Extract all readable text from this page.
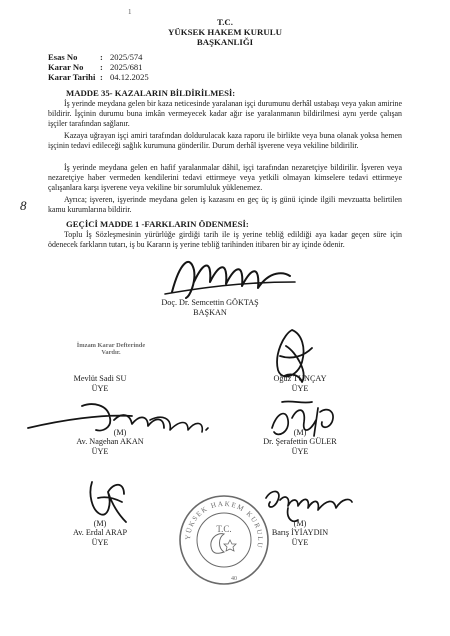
1
T.C.
YÜKSEK HAKEM KURULU
BAŞKANLIĞI
Esas No	: 2025/574
Karar No : 2025/681
Karar Tarihi : 04.12.2025
MADDE 35- KAZALARIN BİLDİRİLMESİ:
İş yerinde meydana gelen bir kaza neticesinde yaralanan işçi durumunu derhâl ustabaşı veya yakın amirine bildirir. İşçinin durumu buna imkân vermeyecek kadar ağır ise yaralanmanın bildirilmesi aynı yerde çalışan işçiler tarafından sağlanır.
Kazaya uğrayan işçi amiri tarafından doldurulacak kaza raporu ile birlikte veya buna olanak yoksa hemen işçinin tedavi edileceği sağlık kurumuna gönderilir. Durum derhâl işverene veya vekiline bildirilir.
İş yerinde meydana gelen en hafif yaralanmalar dâhil, işçi tarafından nezaretçiye bildirilir. İşveren veya nezaretçiye haber vermeden kendilerini tedavi ettirmeye veya yetkili olmayan kimselere tedavi ettirmeye çalışanlara karşı işverene veya vekiline bir sorumluluk yüklenemez.
Ayrıca; işveren, işyerinde meydana gelen iş kazasını en geç üç iş günü içinde ilgili mevzuatta belirtilen kamu kurumlarına bildirir.
8
GEÇİCİ MADDE 1 -FARKLARIN ÖDENMESİ:
Toplu İş Sözleşmesinin yürürlüğe girdiği tarih ile iş yerine tebliğ edildiği aya kadar geçen süre için ödenecek farkların tutarı, iş bu Kararın iş yerine tebliğ tarihinden itibaren bir ay içinde ödenir.
Doç. Dr. Semcettin GÖKTAŞ
BAŞKAN
İmzam Karar Defterinde
Vardır.
Mevlüt Sadi SU
ÜYE
Oğuz TUNÇAY
ÜYE
(M)
Av. Nagehan AKAN
ÜYE
(M)
Dr. Şerafettin GÜLER
ÜYE
(M)
Av. Erdal ARAP
ÜYE
(M)
Barış İYİAYDIN
ÜYE
YÜKSEK HAKEM KURULU
T.C.
40
